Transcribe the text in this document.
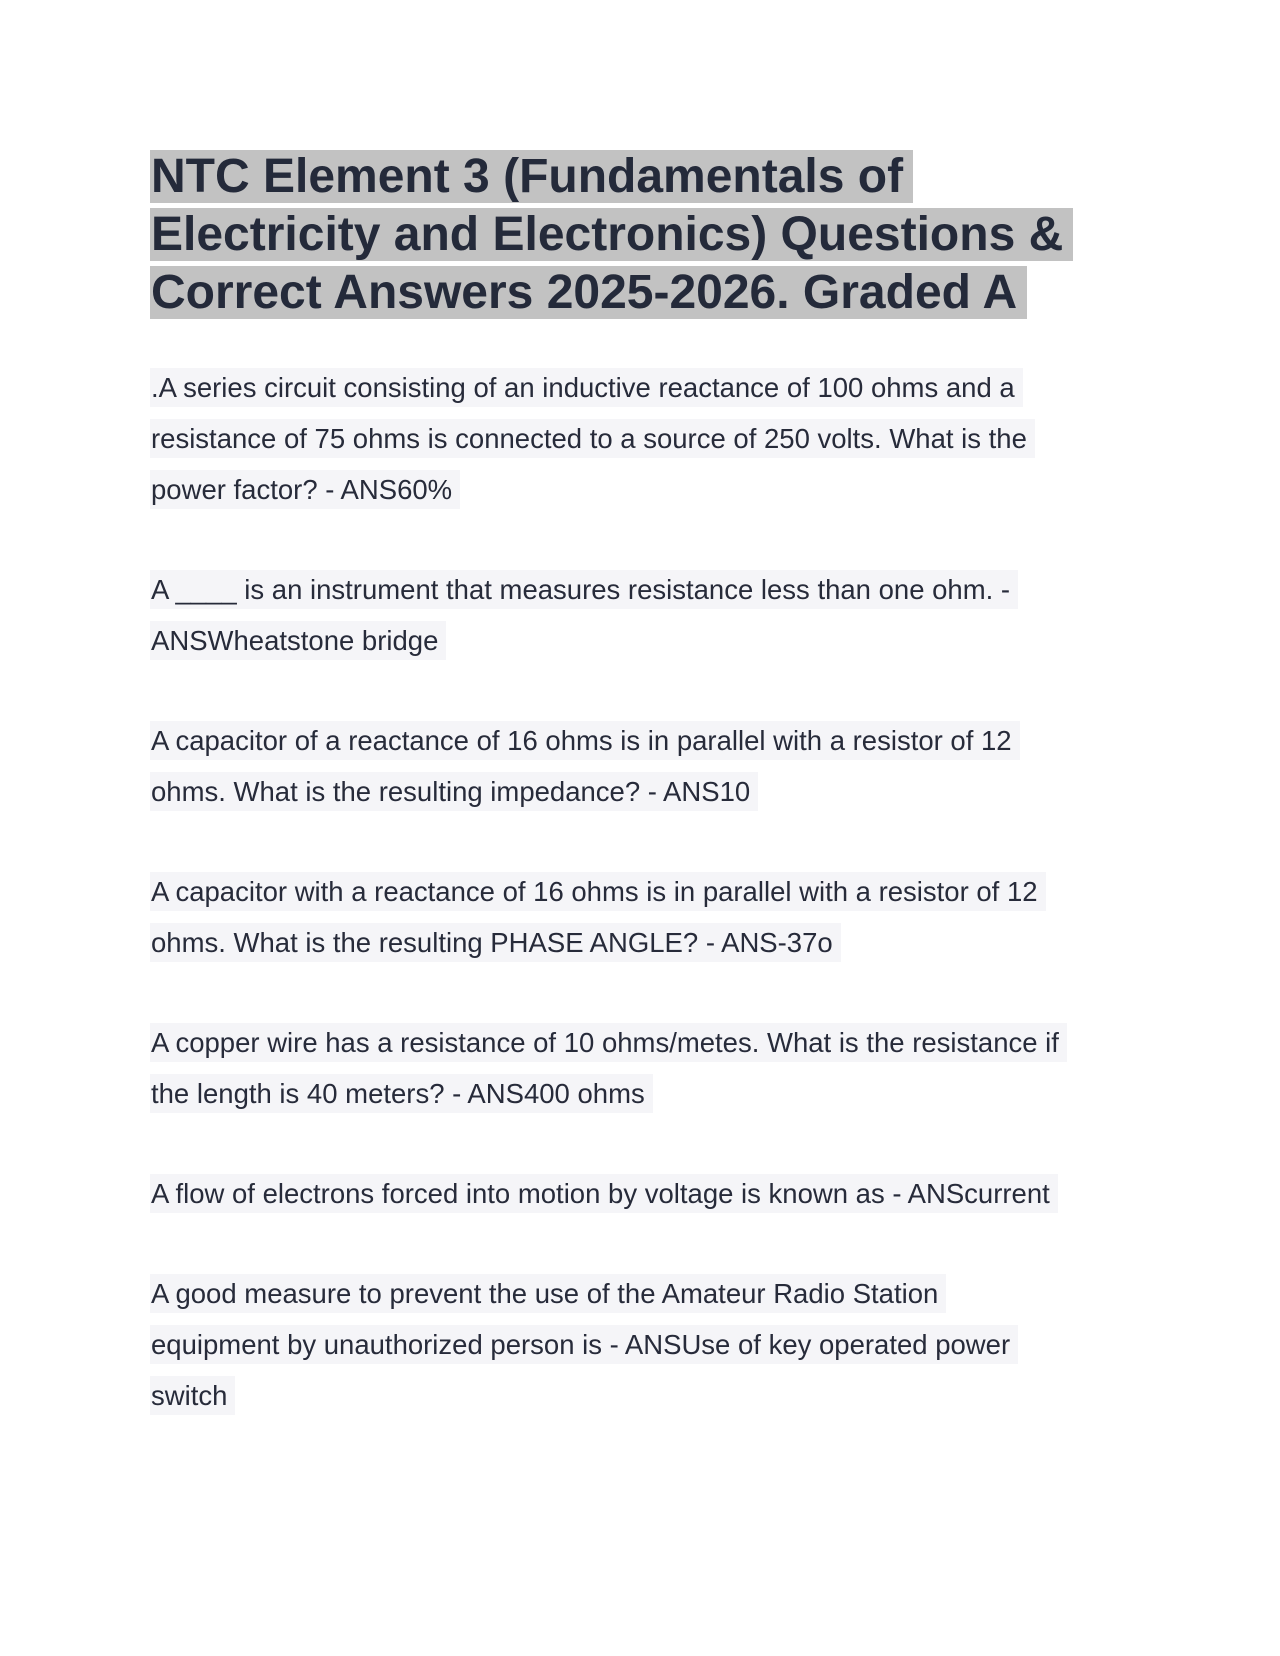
NTC Element 3 (Fundamentals of
Electricity and Electronics) Questions &
Correct Answers 2025-2026. Graded A

.A series circuit consisting of an inductive reactance of 100 ohms and a
resistance of 75 ohms is connected to a source of 250 volts. What is the
power factor? - ANS60%

A ____ is an instrument that measures resistance less than one ohm. -
ANSWheatstone bridge

A capacitor of a reactance of 16 ohms is in parallel with a resistor of 12
ohms. What is the resulting impedance? - ANS10

A capacitor with a reactance of 16 ohms is in parallel with a resistor of 12
ohms. What is the resulting PHASE ANGLE? - ANS-37o

A copper wire has a resistance of 10 ohms/metes. What is the resistance if
the length is 40 meters? - ANS400 ohms

A flow of electrons forced into motion by voltage is known as - ANScurrent

A good measure to prevent the use of the Amateur Radio Station
equipment by unauthorized person is - ANSUse of key operated power
switch
